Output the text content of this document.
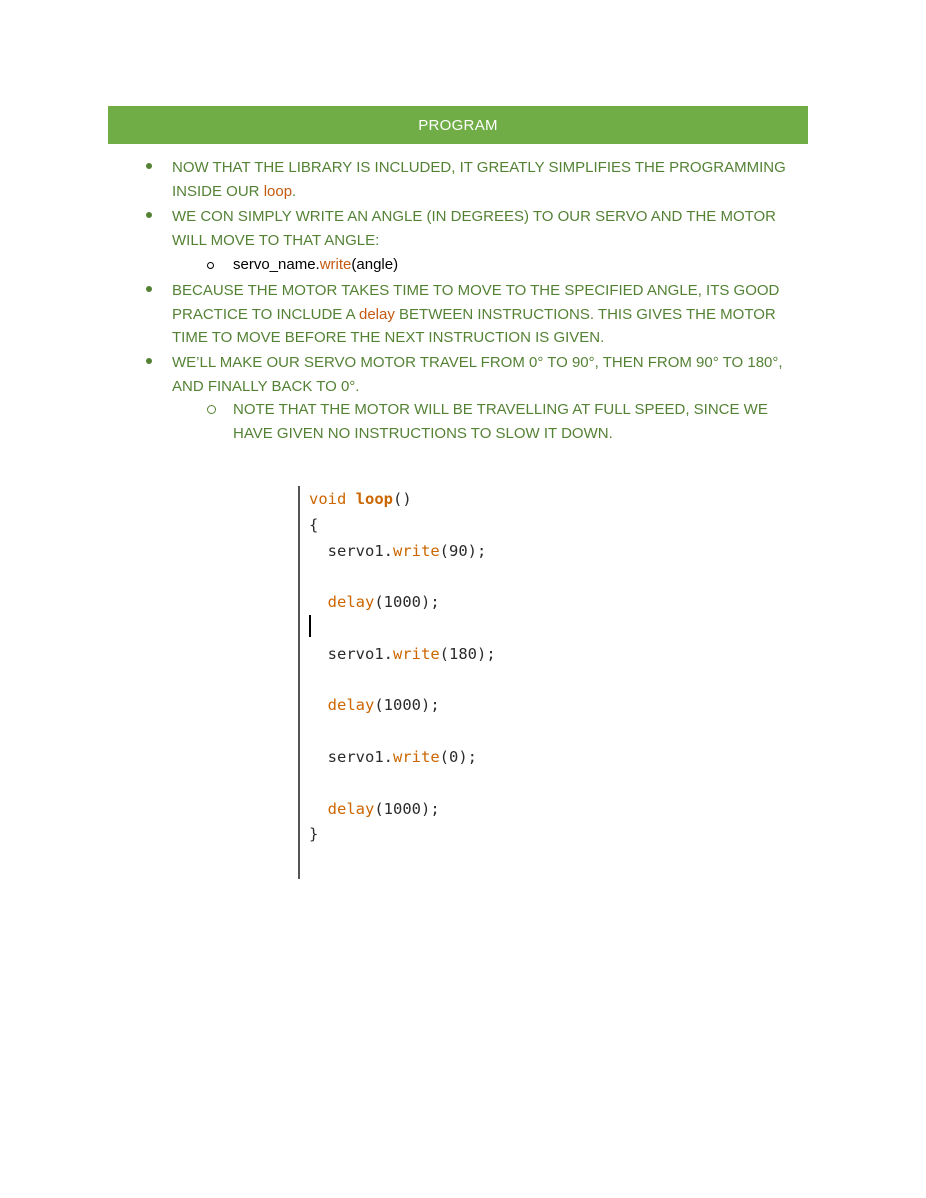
PROGRAM
NOW THAT THE LIBRARY IS INCLUDED, IT GREATLY SIMPLIFIES THE PROGRAMMING INSIDE OUR loop.
WE CON SIMPLY WRITE AN ANGLE (IN DEGREES) TO OUR SERVO AND THE MOTOR WILL MOVE TO THAT ANGLE:
servo_name.write(angle)
BECAUSE THE MOTOR TAKES TIME TO MOVE TO THE SPECIFIED ANGLE, ITS GOOD PRACTICE TO INCLUDE A delay BETWEEN INSTRUCTIONS. THIS GIVES THE MOTOR TIME TO MOVE BEFORE THE NEXT INSTRUCTION IS GIVEN.
WE’LL MAKE OUR SERVO MOTOR TRAVEL FROM 0° TO 90°, THEN FROM 90° TO 180°, AND FINALLY BACK TO 0°.
NOTE THAT THE MOTOR WILL BE TRAVELLING AT FULL SPEED, SINCE WE HAVE GIVEN NO INSTRUCTIONS TO SLOW IT DOWN.
void loop()
{
servo1.write(90);

delay(1000);

servo1.write(180);

delay(1000);

servo1.write(0);

delay(1000);
}
